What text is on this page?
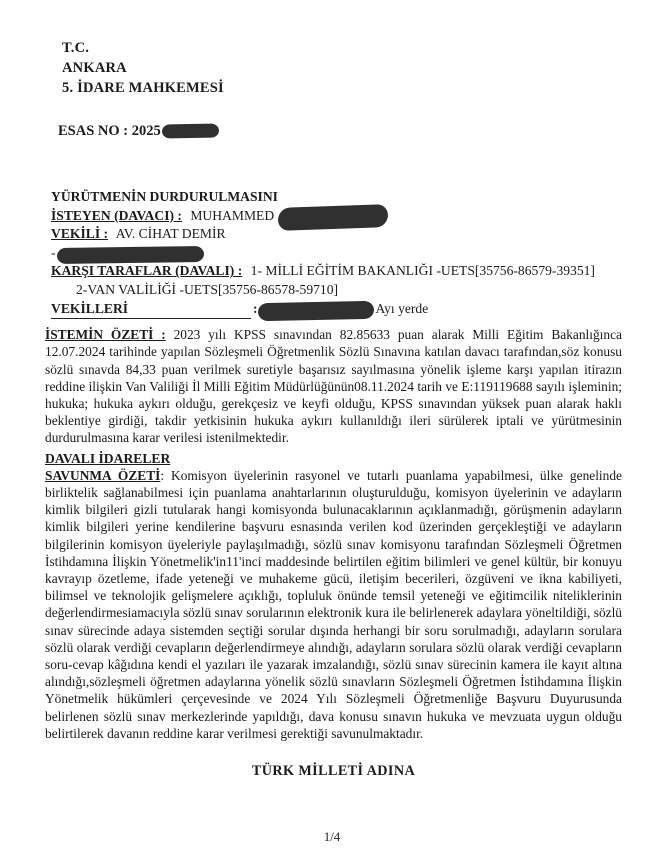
T.C.
ANKARA
5. İDARE MAHKEMESİ
ESAS NO : 2025
YÜRÜTMENİN DURDURULMASINI
İSTEYEN (DAVACI) : MUHAMMED
VEKİLİ : AV. CİHAT DEMİR
-
KARŞI TARAFLAR (DAVALI) : 1- MİLLİ EĞİTİM BAKANLIĞI -UETS[35756-86579-39351]
2-VAN VALİLİĞİ -UETS[35756-86578-59710]
VEKİLLERİ	:	Ayı yerde

İSTEMİN ÖZETİ : 2023 yılı KPSS sınavından 82.85633 puan alarak Milli Eğitim Bakanlığınca 12.07.2024 tarihinde yapılan Sözleşmeli Öğretmenlik Sözlü Sınavına katılan davacı tarafından,söz konusu sözlü sınavda 84,33 puan verilmek suretiyle başarısız sayılmasına yönelik işleme karşı yapılan itirazın reddine ilişkin Van Valiliği İl Milli Eğitim Müdürlüğünün08.11.2024 tarih ve E:119119688 sayılı işleminin; hukuka; hukuka aykırı olduğu, gerekçesiz ve keyfi olduğu, KPSS sınavından yüksek puan alarak haklı beklentiye girdiği, takdir yetkisinin hukuka aykırı kullanıldığı ileri sürülerek iptali ve yürütmesinin durdurulmasına karar verilesi istenilmektedir.

DAVALI İDARELER

SAVUNMA ÖZETİ: Komisyon üyelerinin rasyonel ve tutarlı puanlama yapabilmesi, ülke genelinde birliktelik sağlanabilmesi için puanlama anahtarlarının oluşturulduğu, komisyon üyelerinin ve adayların kimlik bilgileri gizli tutularak hangi komisyonda bulunacaklarının açıklanmadığı, görüşmenin adayların kimlik bilgileri yerine kendilerine başvuru esnasında verilen kod üzerinden gerçekleştiği ve adayların bilgilerinin komisyon üyeleriyle paylaşılmadığı, sözlü sınav komisyonu tarafından Sözleşmeli Öğretmen İstihdamına İlişkin Yönetmelik'in11'inci maddesinde belirtilen eğitim bilimleri ve genel kültür, bir konuyu kavrayıp özetleme, ifade yeteneği ve muhakeme gücü, iletişim becerileri, özgüveni ve ikna kabiliyeti, bilimsel ve teknolojik gelişmelere açıklığı, topluluk önünde temsil yeteneği ve eğitimcilik niteliklerinin değerlendirmesiamacıyla sözlü sınav sorularının elektronik kura ile belirlenerek adaylara yöneltildiği, sözlü sınav sürecinde adaya sistemden seçtiği sorular dışında herhangi bir soru sorulmadığı, adayların sorulara sözlü olarak verdiği cevapların değerlendirmeye alındığı, adayların sorulara sözlü olarak verdiği cevapların soru-cevap kâğıdına kendi el yazıları ile yazarak imzalandığı, sözlü sınav sürecinin kamera ile kayıt altına alındığı,sözleşmeli öğretmen adaylarına yönelik sözlü sınavların Sözleşmeli Öğretmen İstihdamına İlişkin Yönetmelik hükümleri çerçevesinde ve 2024 Yılı Sözleşmeli Öğretmenliğe Başvuru Duyurusunda belirlenen sözlü sınav merkezlerinde yapıldığı, dava konusu sınavın hukuka ve mevzuata uygun olduğu belirtilerek davanın reddine karar verilmesi gerektiği savunulmaktadır.

TÜRK MİLLETİ ADINA
1/4
